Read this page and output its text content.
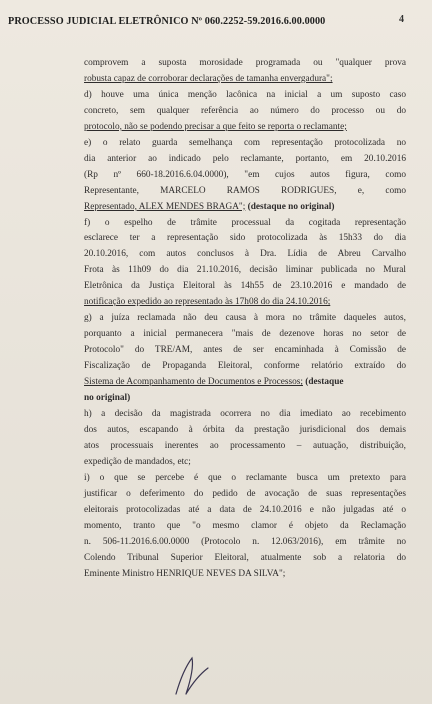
PROCESSO JUDICIAL ELETRÔNICO Nº 060.2252-59.2016.6.00.0000	4
comprovem a suposta morosidade programada ou "qualquer prova
robusta capaz de corroborar declarações de tamanha envergadura";
d) houve uma única menção lacônica na inicial a um suposto caso
concreto, sem qualquer referência ao número do processo ou do
protocolo, não se podendo precisar a que feito se reporta o reclamante;
e) o relato guarda semelhança com representação protocolizada no
dia anterior ao indicado pelo reclamante, portanto, em 20.10.2016
(Rp nº 660-18.2016.6.04.0000), "em cujos autos figura, como
Representante, MARCELO RAMOS RODRIGUES, e, como
Representado, ALEX MENDES BRAGA"; (destaque no original)
f) o espelho de trâmite processual da cogitada representação
esclarece ter a representação sido protocolizada às 15h33 do dia
20.10.2016, com autos conclusos à Dra. Lídia de Abreu Carvalho
Frota às 11h09 do dia 21.10.2016, decisão liminar publicada no Mural
Eletrônica da Justiça Eleitoral às 14h55 de 23.10.2016 e mandado de
notificação expedido ao representado às 17h08 do dia 24.10.2016;
g) a juíza reclamada não deu causa à mora no trâmite daqueles autos,
porquanto a inicial permanecera "mais de dezenove horas no setor de
Protocolo" do TRE/AM, antes de ser encaminhada à Comissão de
Fiscalização de Propaganda Eleitoral, conforme relatório extraído do
Sistema de Acompanhamento de Documentos e Processos; (destaque
no original)
h) a decisão da magistrada ocorrera no dia imediato ao recebimento
dos autos, escapando à órbita da prestação jurisdicional dos demais
atos processuais inerentes ao processamento – autuação, distribuição,
expedição de mandados, etc;
i) o que se percebe é que o reclamante busca um pretexto para
justificar o deferimento do pedido de avocação de suas representações
eleitorais protocolizadas até a data de 24.10.2016 e não julgadas até o
momento, tranto que "o mesmo clamor é objeto da Reclamação
n. 506-11.2016.6.00.0000 (Protocolo n. 12.063/2016), em trâmite no
Colendo Tribunal Superior Eleitoral, atualmente sob a relatoria do
Eminente Ministro HENRIQUE NEVES DA SILVA";
